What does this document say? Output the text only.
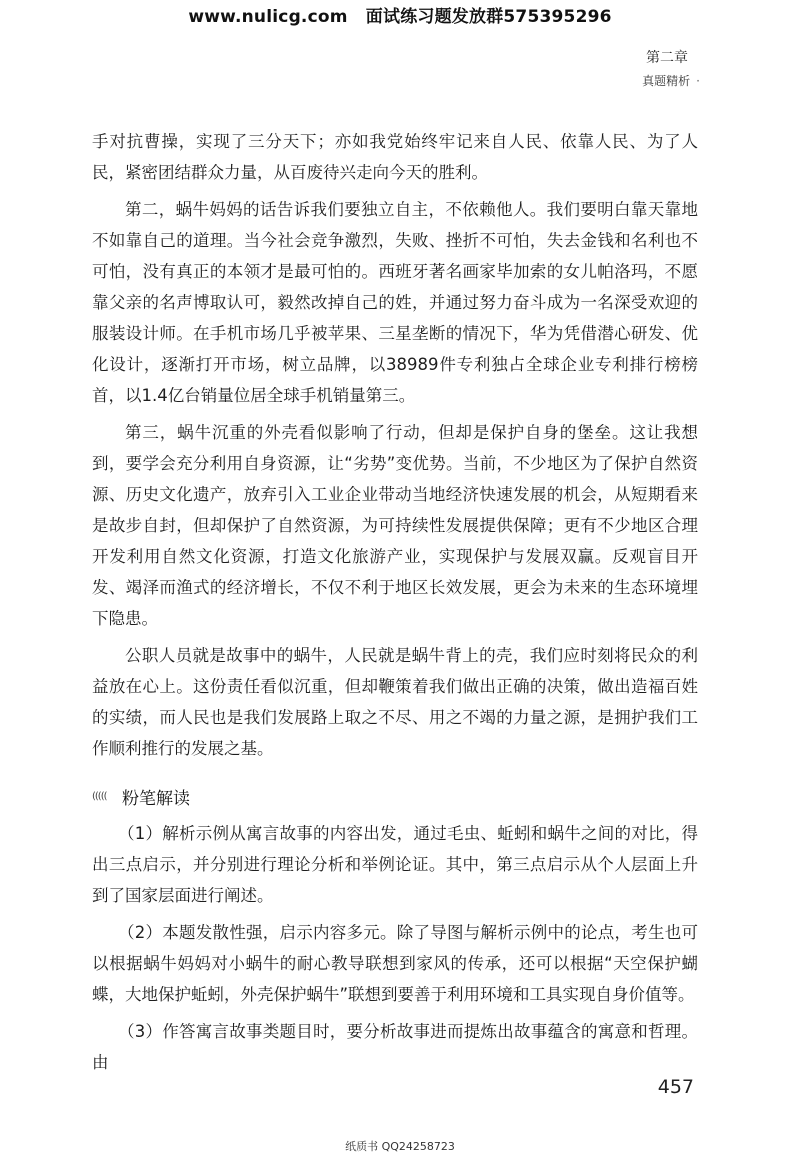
www.nulicg.com 面试练习题发放群575395296
第二章
真题精析 ·

手对抗曹操，实现了三分天下；亦如我党始终牢记来自人民、依靠人民、为了人民，紧密团结群众力量，从百废待兴走向今天的胜利。

第二，蜗牛妈妈的话告诉我们要独立自主，不依赖他人。我们要明白靠天靠地不如靠自己的道理。当今社会竞争激烈，失败、挫折不可怕，失去金钱和名利也不可怕，没有真正的本领才是最可怕的。西班牙著名画家毕加索的女儿帕洛玛，不愿靠父亲的名声博取认可，毅然改掉自己的姓，并通过努力奋斗成为一名深受欢迎的服装设计师。在手机市场几乎被苹果、三星垄断的情况下，华为凭借潜心研发、优化设计，逐渐打开市场，树立品牌，以38989件专利独占全球企业专利排行榜榜首，以1.4亿台销量位居全球手机销量第三。

第三，蜗牛沉重的外壳看似影响了行动，但却是保护自身的堡垒。这让我想到，要学会充分利用自身资源，让“劣势”变优势。当前，不少地区为了保护自然资源、历史文化遗产，放弃引入工业企业带动当地经济快速发展的机会，从短期看来是故步自封，但却保护了自然资源，为可持续性发展提供保障；更有不少地区合理开发利用自然文化资源，打造文化旅游产业，实现保护与发展双赢。反观盲目开发、竭泽而渔式的经济增长，不仅不利于地区长效发展，更会为未来的生态环境埋下隐患。

公职人员就是故事中的蜗牛，人民就是蜗牛背上的壳，我们应时刻将民众的利益放在心上。这份责任看似沉重，但却鞭策着我们做出正确的决策，做出造福百姓的实绩，而人民也是我们发展路上取之不尽、用之不竭的力量之源，是拥护我们工作顺利推行的发展之基。

((((( 粉笔解读

（1）解析示例从寓言故事的内容出发，通过毛虫、蚯蚓和蜗牛之间的对比，得出三点启示，并分别进行理论分析和举例论证。其中，第三点启示从个人层面上升到了国家层面进行阐述。

（2）本题发散性强，启示内容多元。除了导图与解析示例中的论点，考生也可以根据蜗牛妈妈对小蜗牛的耐心教导联想到家风的传承，还可以根据“天空保护蝴蝶，大地保护蚯蚓，外壳保护蜗牛”联想到要善于利用环境和工具实现自身价值等。

（3）作答寓言故事类题目时，要分析故事进而提炼出故事蕴含的寓意和哲理。由

457
纸质书 QQ24258723
